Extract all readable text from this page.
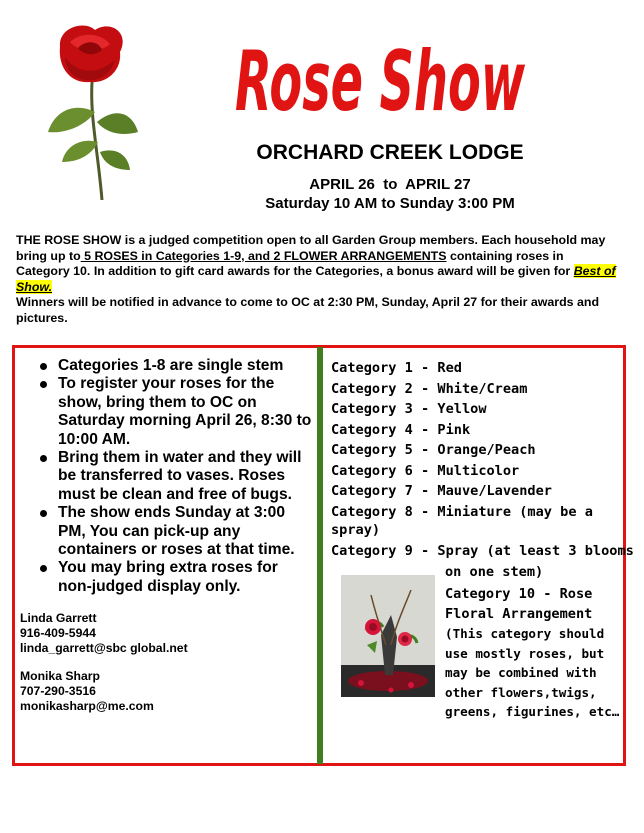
Rose Show
ORCHARD CREEK LODGE
APRIL 26  to  APRIL 27
Saturday 10 AM to Sunday 3:00 PM
THE ROSE SHOW is a judged competition open to all Garden Group members. Each household may bring up to 5 ROSES in Categories 1-9, and 2 FLOWER ARRANGEMENTS containing roses in Category 10. In addition to gift card awards for the Categories, a bonus award will be given for Best of Show.
Winners will be notified in advance to come to OC at 2:30 PM, Sunday, April 27 for their awards and pictures.
Categories 1-8 are single stem
To register your roses for the show, bring them to OC on Saturday morning April 26, 8:30 to 10:00 AM.
Bring them in water and they will be transferred to vases. Roses must be clean and free of bugs.
The show ends Sunday at 3:00 PM, You can pick-up any containers or roses at that time.
You may bring extra roses for non-judged display only.
Linda Garrett
916-409-5944
linda_garrett@sbc global.net
Monika Sharp
707-290-3516
monikasharp@me.com
Category 1 - Red
Category 2 - White/Cream
Category 3 - Yellow
Category 4 - Pink
Category 5 - Orange/Peach
Category 6 - Multicolor
Category 7 - Mauve/Lavender
Category 8 - Miniature (may be a
spray)
Category 9 - Spray (at least 3 blooms
on one stem)
Category 10 - Rose Floral Arrangement
(This category should use mostly roses, but may be combined with other flowers,twigs, greens, figurines, etc…
